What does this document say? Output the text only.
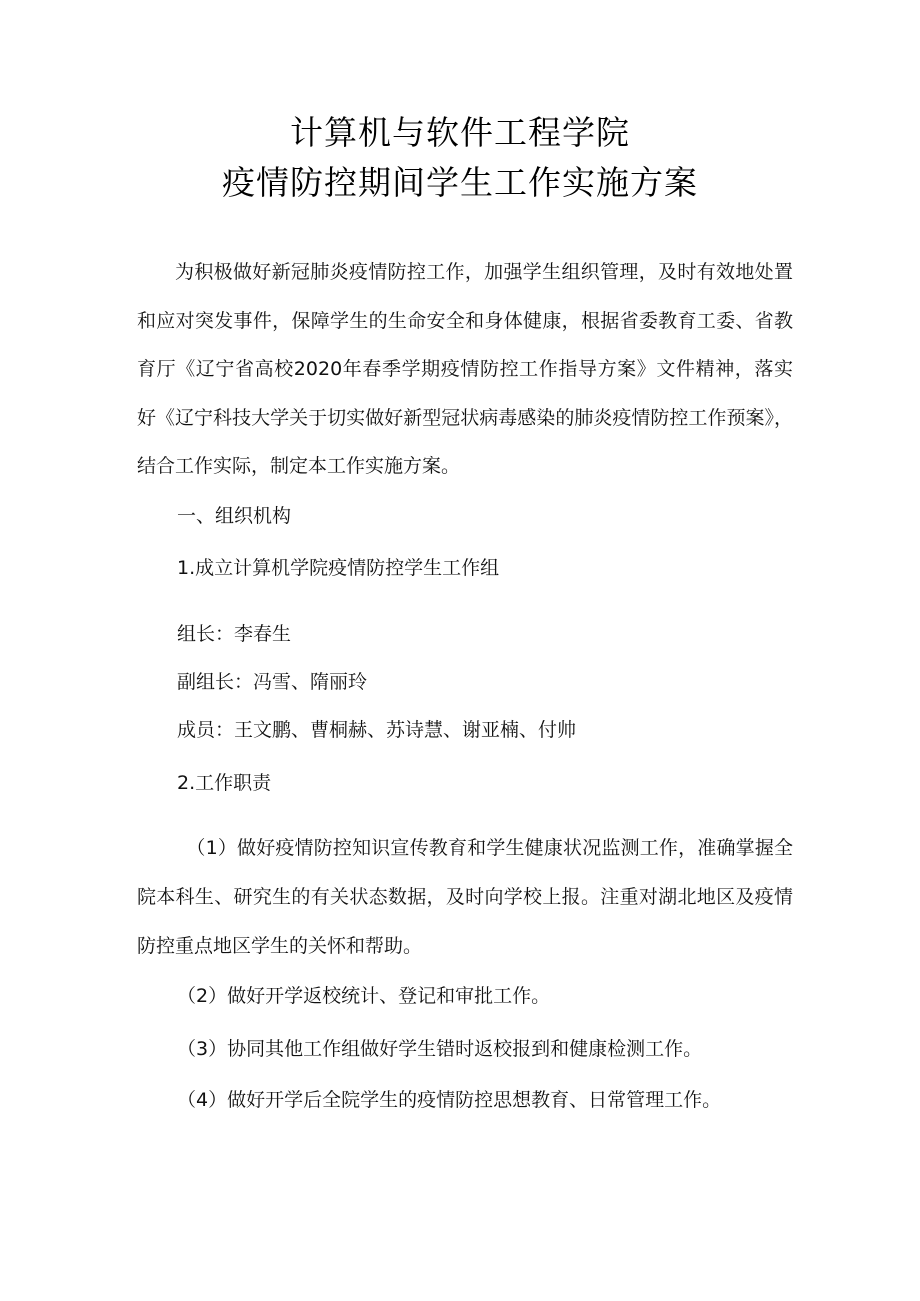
计算机与软件工程学院
疫情防控期间学生工作实施方案
为积极做好新冠肺炎疫情防控工作，加强学生组织管理，及时有效地处置和应对突发事件，保障学生的生命安全和身体健康，根据省委教育工委、省教育厅《辽宁省高校2020年春季学期疫情防控工作指导方案》文件精神，落实好《辽宁科技大学关于切实做好新型冠状病毒感染的肺炎疫情防控工作预案》，结合工作实际，制定本工作实施方案。
一、组织机构
1.成立计算机学院疫情防控学生工作组
组长：李春生
副组长：冯雪、隋丽玲
成员：王文鹏、曹桐赫、苏诗慧、谢亚楠、付帅
2.工作职责
（1）做好疫情防控知识宣传教育和学生健康状况监测工作，准确掌握全院本科生、研究生的有关状态数据，及时向学校上报。注重对湖北地区及疫情防控重点地区学生的关怀和帮助。
（2）做好开学返校统计、登记和审批工作。
（3）协同其他工作组做好学生错时返校报到和健康检测工作。
（4）做好开学后全院学生的疫情防控思想教育、日常管理工作。
